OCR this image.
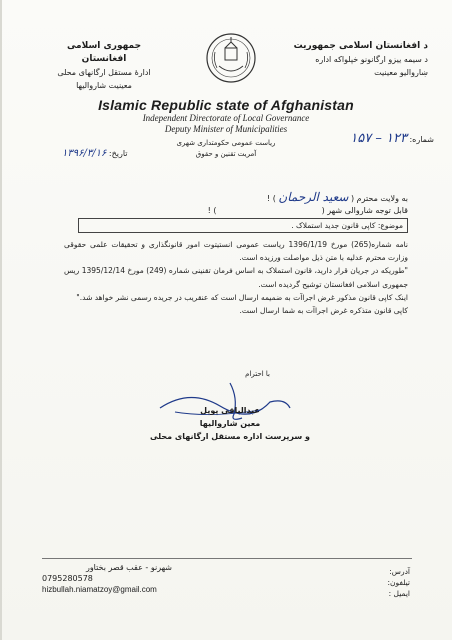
جمهوری اسلامی افغانستان
ادارهٔ مستقل ارگانهای محلی
معینیت شاروالیها
د افغانستان اسلامی جمهوریت
د سیمه ییزو ارگانونو خپلواکه اداره
ښاروالیو معینیت
Islamic Republic state of Afghanistan
Independent Directorate of Local Governance
Deputy Minister of Municipalities
ریاست عمومی حکومتداری شهری
آمریت تقنین و حقوق
شماره: ۱۲۳ – ۱۵۷
تاریخ: ۱۳۹۶/۳/۱۶
به ولایت محترم ( سعید الرحمان ) !
قابل توجه شاروالی شهر (  ) !
موضوع: کاپی قانون جدید استملاک .

نامه شماره(265) مورخ 1396/1/19 ریاست عمومی انستیتوت امور قانونگذاری و تحقیقات علمی حقوقی وزارت محترم عدلیه با متن ذیل مواصلت ورزیده است.

"طوریکه در جریان قرار دارید، قانون استملاک به اساس فرمان تقنینی شماره (249) مورخ 1395/12/14 ریس جمهوری اسلامی افغانستان توشیح گردیده است.

اینک کاپی قانون مذکور غرض اجراآت به ضمیمه ارسال است که عنقریب در جریده رسمی نشر خواهد شد."

کاپی قانون متذکره غرض اجراآت به شما ارسال است.

با احترام
عبدالباقی پوپل
معین شاروالیها
و سرپرست اداره مستقل ارگانهای محلی
شهرنو - عقب قصر بختاور
0795280578
hizbullah.niamatzoy@gmail.com
آدرس:
تیلفون:
ایمیل :
